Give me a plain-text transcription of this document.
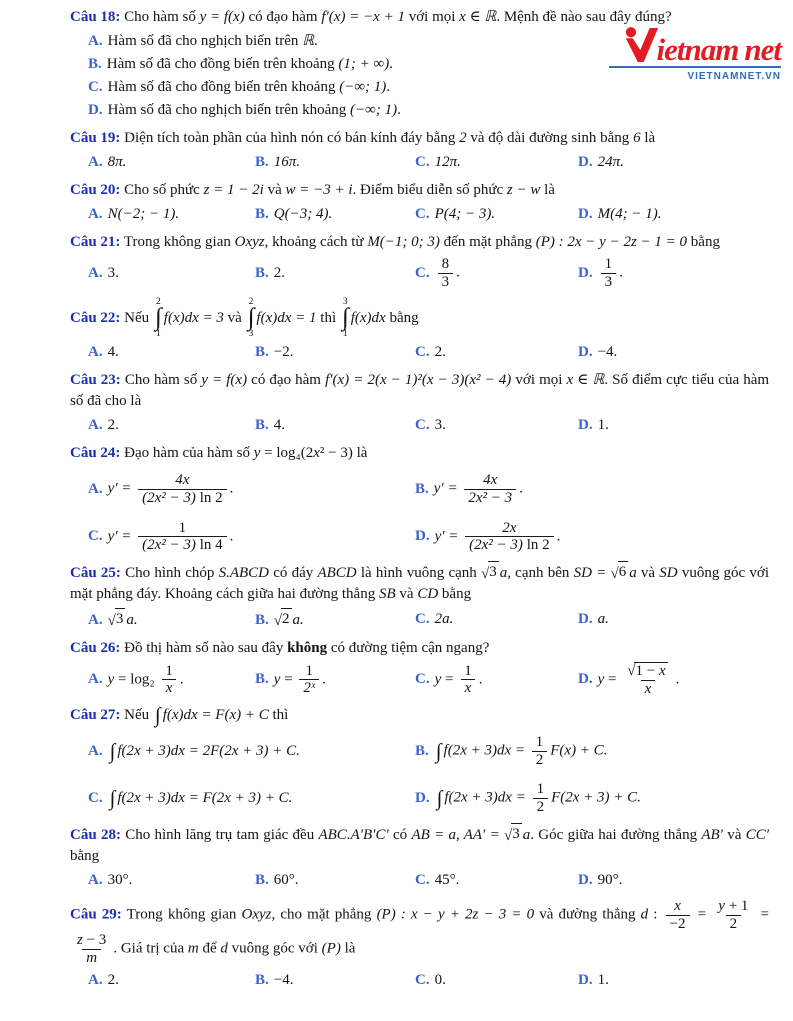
ietnam net
VIETNAMNET.VN

Câu 18: Cho hàm số y = f(x) có đạo hàm f′(x) = −x + 1 với mọi x ∈ ℝ. Mệnh đề nào sau đây đúng?

A. Hàm số đã cho nghịch biến trên ℝ.
B. Hàm số đã cho đồng biến trên khoảng (1; + ∞).
C. Hàm số đã cho đồng biến trên khoảng (−∞; 1).
D. Hàm số đã cho nghịch biến trên khoảng (−∞; 1).

Câu 19: Diện tích toàn phần của hình nón có bán kính đáy bằng 2 và độ dài đường sinh bằng 6 là

A. 8π.	B. 16π.	C. 12π.	D. 24π.

Câu 20: Cho số phức z = 1 − 2i và w = −3 + i. Điểm biểu diễn số phức z − w là

A. N(−2; − 1).	B. Q(−3; 4).	C. P(4; − 3).	D. M(4; − 1).

Câu 21: Trong không gian Oxyz, khoảng cách từ M(−1; 0; 3) đến mặt phẳng (P) : 2x − y − 2z − 1 = 0 bằng

A. 3.	B. 2.	C. $\frac{8}{3}$ .	D. $\frac{1}{3}$ .

Câu 22: Nếu
2
∫
1
f(x)dx = 3 và
2
∫
3
f(x)dx = 1 thì
3
∫
1
f(x)dx bằng

A. 4.	B. −2.	C. 2.	D. −4.

Câu 23: Cho hàm số y = f(x) có đạo hàm f′(x) = 2(x − 1)²(x − 3)(x² − 4) với mọi x ∈ ℝ. Số điểm cực tiểu của hàm số đã cho là

A. 2.	B. 4.	C. 3.	D. 1.

Câu 24: Đạo hàm của hàm số y = log₄(2x² − 3) là

A. $y' = \frac{4x}{\text{(2x² − 3) ln 2}}$ .	B. $y' = \frac{4x}{\text{2x² − 3}}$ .
C. $y' = \frac{1}{\text{(2x² − 3) ln 4}}$ .	D. $y' = \frac{2x}{\text{(2x² − 3) ln 2}}$ .

Câu 25: Cho hình chóp S.ABCD có đáy ABCD là hình vuông cạnh √ 3 a, cạnh bên SD = √ 6 a và SD vuông góc với mặt phẳng đáy. Khoảng cách giữa hai đường thẳng SB và CD bằng

A. √ 3 a.	B. √ 2 a.	C. 2a.	D. a.

Câu 26: Đồ thị hàm số nào sau đây không có đường tiệm cận ngang?

A. $y = \log_2 \frac{1}{x}$ .	B. $y = \frac{1}{\text{2ˣ}}$ .	C. $y = \frac{1}{x}$ .	D. $y = \frac{√ 1 - x}{x}$ .

Câu 27: Nếu ∫ f(x)dx = F(x) + C thì

A. ∫ f(2x + 3)dx = 2F(2x + 3) + C.	B. ∫ $f(2x + 3)dx = \frac{1}{2} F(x) + C$.
C. ∫ f(2x + 3)dx = F(2x + 3) + C.	D. ∫ $f(2x + 3)dx = \frac{1}{2} F(2x + 3) + C$.

Câu 28: Cho hình lăng trụ tam giác đều ABC.A′B′C′ có AB = a, AA′ = √ 3 a. Góc giữa hai đường thẳng AB′ và CC′ bằng

A. 30°.	B. 60°.	C. 45°.	D. 90°.

Câu 29: Trong không gian Oxyz, cho mặt phẳng (P) : x − y + 2z − 3 = 0 và đường thẳng d : $\frac{x}{-2} = \frac{y + 1}{2}$ =
$\frac{z - 3}{m}$ . Giá trị của m để d vuông góc với (P) là

A. 2.	B. −4.	C. 0.	D. 1.
